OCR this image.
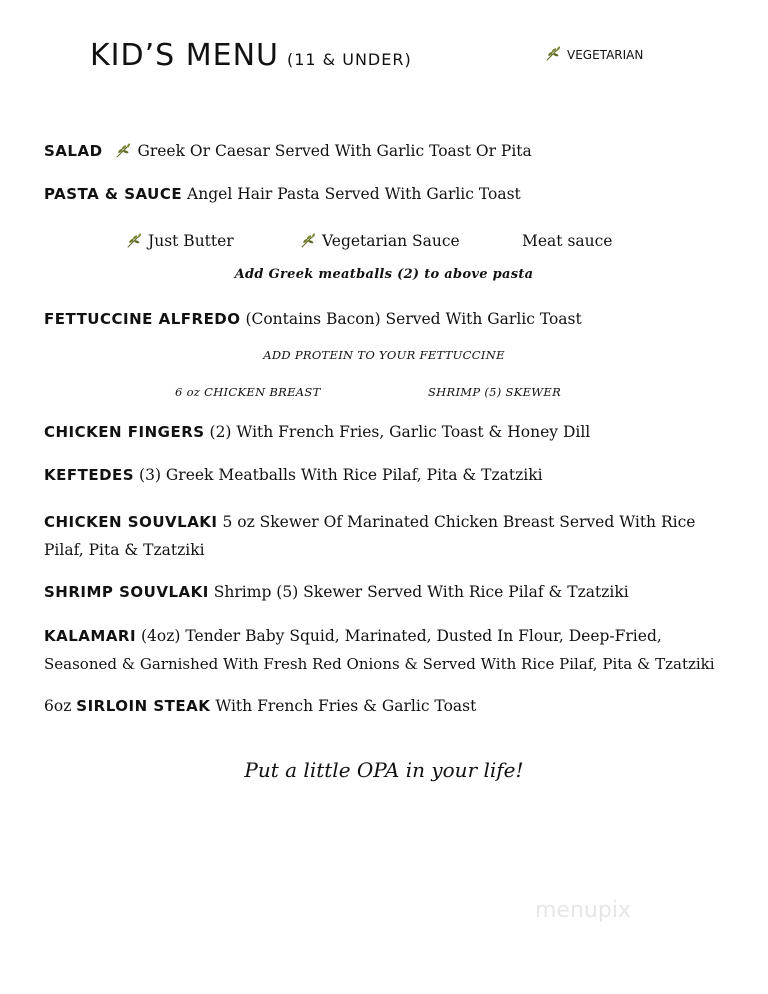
KID’S MENU (11 & UNDER)	VEGETARIAN
SALAD Greek Or Caesar Served With Garlic Toast Or Pita
PASTA & SAUCE Angel Hair Pasta Served With Garlic Toast
Just Butter	Vegetarian Sauce	Meat sauce
Add Greek meatballs (2) to above pasta
FETTUCCINE ALFREDO (Contains Bacon) Served With Garlic Toast
ADD PROTEIN TO YOUR FETTUCCINE
6 oz CHICKEN BREAST	SHRIMP (5) SKEWER
CHICKEN FINGERS (2) With French Fries, Garlic Toast & Honey Dill
KEFTEDES (3) Greek Meatballs With Rice Pilaf, Pita & Tzatziki
CHICKEN SOUVLAKI 5 oz Skewer Of Marinated Chicken Breast Served With Rice
Pilaf, Pita & Tzatziki
SHRIMP SOUVLAKI Shrimp (5) Skewer Served With Rice Pilaf & Tzatziki
KALAMARI (4oz) Tender Baby Squid, Marinated, Dusted In Flour, Deep-Fried,
Seasoned & Garnished With Fresh Red Onions & Served With Rice Pilaf, Pita & Tzatziki
6oz SIRLOIN STEAK With French Fries & Garlic Toast
Put a little OPA in your life!
menupix
